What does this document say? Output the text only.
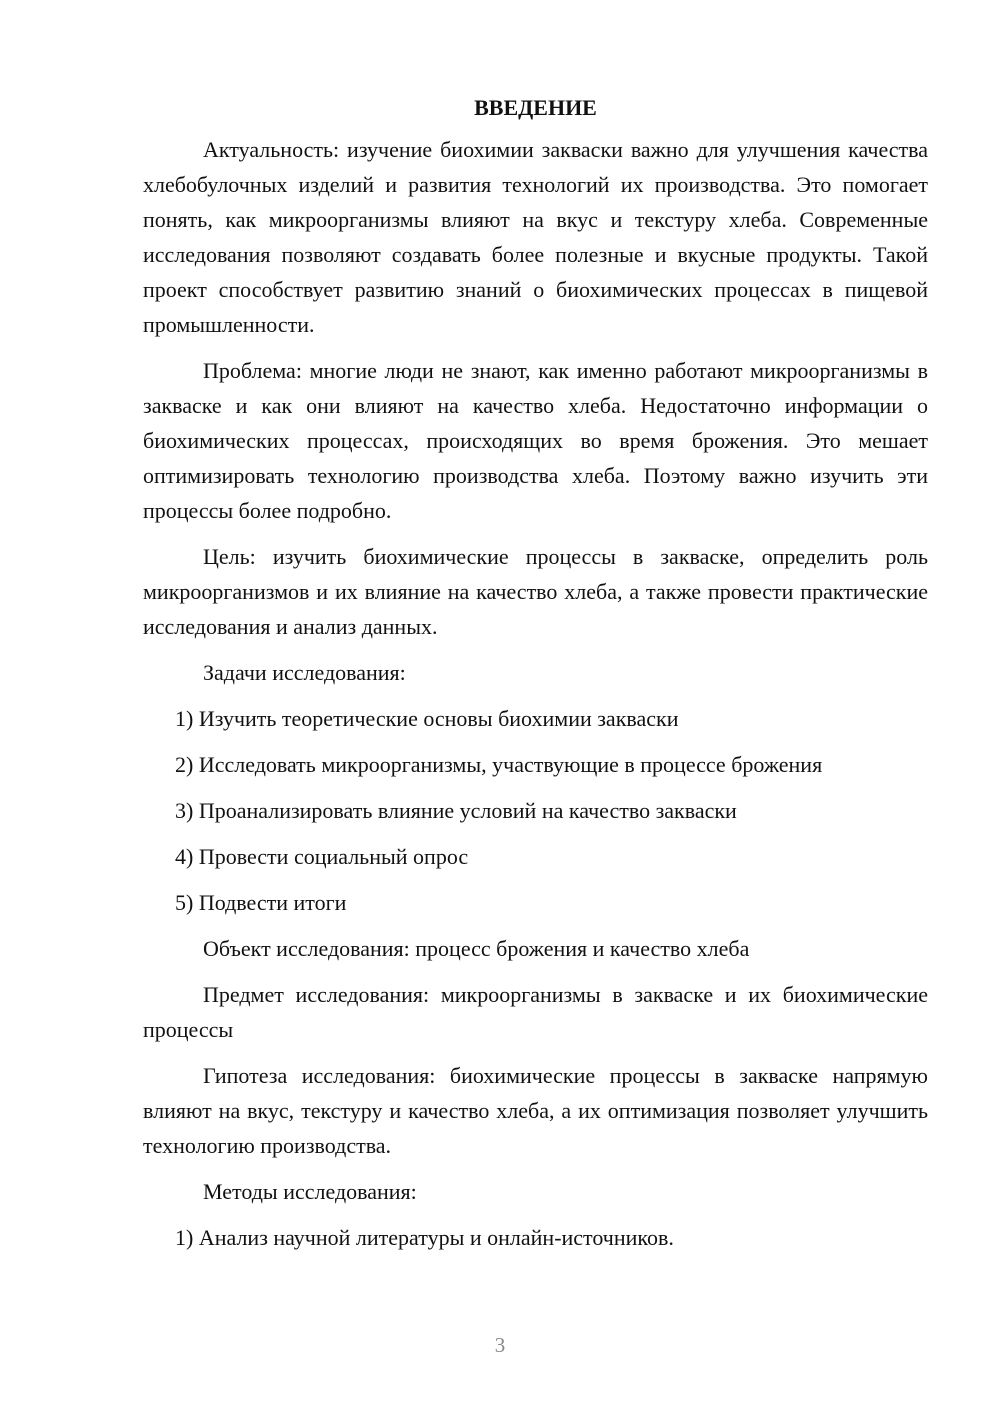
ВВЕДЕНИЕ

Актуальность: изучение биохимии закваски важно для улучшения качества хлебобулочных изделий и развития технологий их производства. Это помогает понять, как микроорганизмы влияют на вкус и текстуру хлеба. Современные исследования позволяют создавать более полезные и вкусные продукты. Такой проект способствует развитию знаний о биохимических процессах в пищевой промышленности.

Проблема: многие люди не знают, как именно работают микроорганизмы в закваске и как они влияют на качество хлеба. Недостаточно информации о биохимических процессах, происходящих во время брожения. Это мешает оптимизировать технологию производства хлеба. Поэтому важно изучить эти процессы более подробно.

Цель: изучить биохимические процессы в закваске, определить роль микроорганизмов и их влияние на качество хлеба, а также провести практические исследования и анализ данных.

Задачи исследования:

1) Изучить теоретические основы биохимии закваски

2) Исследовать микроорганизмы, участвующие в процессе брожения

3) Проанализировать влияние условий на качество закваски

4) Провести социальный опрос

5) Подвести итоги

Объект исследования: процесс брожения и качество хлеба

Предмет исследования: микроорганизмы в закваске и их биохимические процессы

Гипотеза исследования: биохимические процессы в закваске напрямую влияют на вкус, текстуру и качество хлеба, а их оптимизация позволяет улучшить технологию производства.

Методы исследования:

1) Анализ научной литературы и онлайн-источников.

3
